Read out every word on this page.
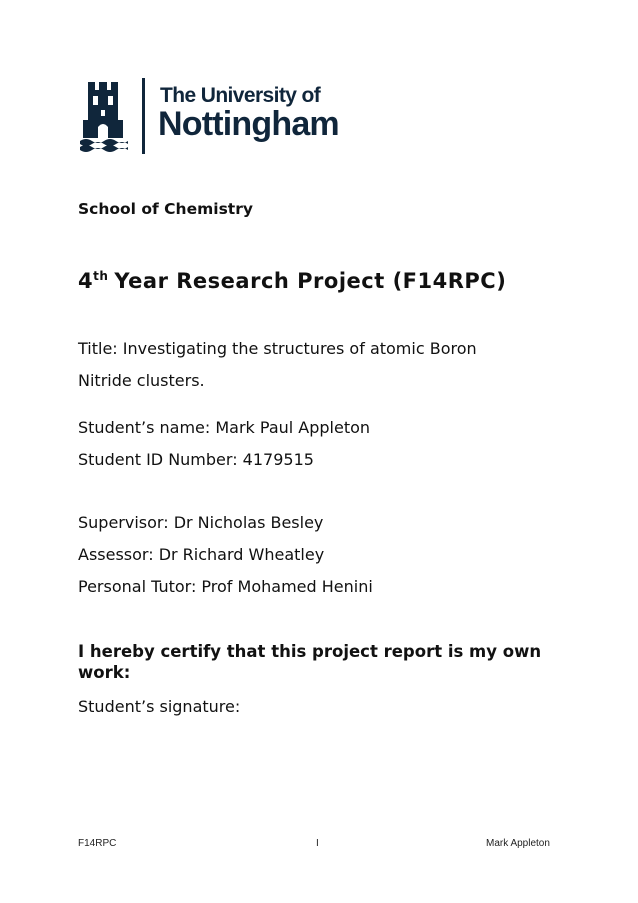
The University of
Nottingham
School of Chemistry
4th Year Research Project (F14RPC)
Title: Investigating the structures of atomic Boron
Nitride clusters.
Student’s name: Mark Paul Appleton
Student ID Number: 4179515
Supervisor: Dr Nicholas Besley
Assessor: Dr Richard Wheatley
Personal Tutor: Prof Mohamed Henini
I hereby certify that this project report is my own work:
Student’s signature:
F14RPC	I	Mark Appleton
